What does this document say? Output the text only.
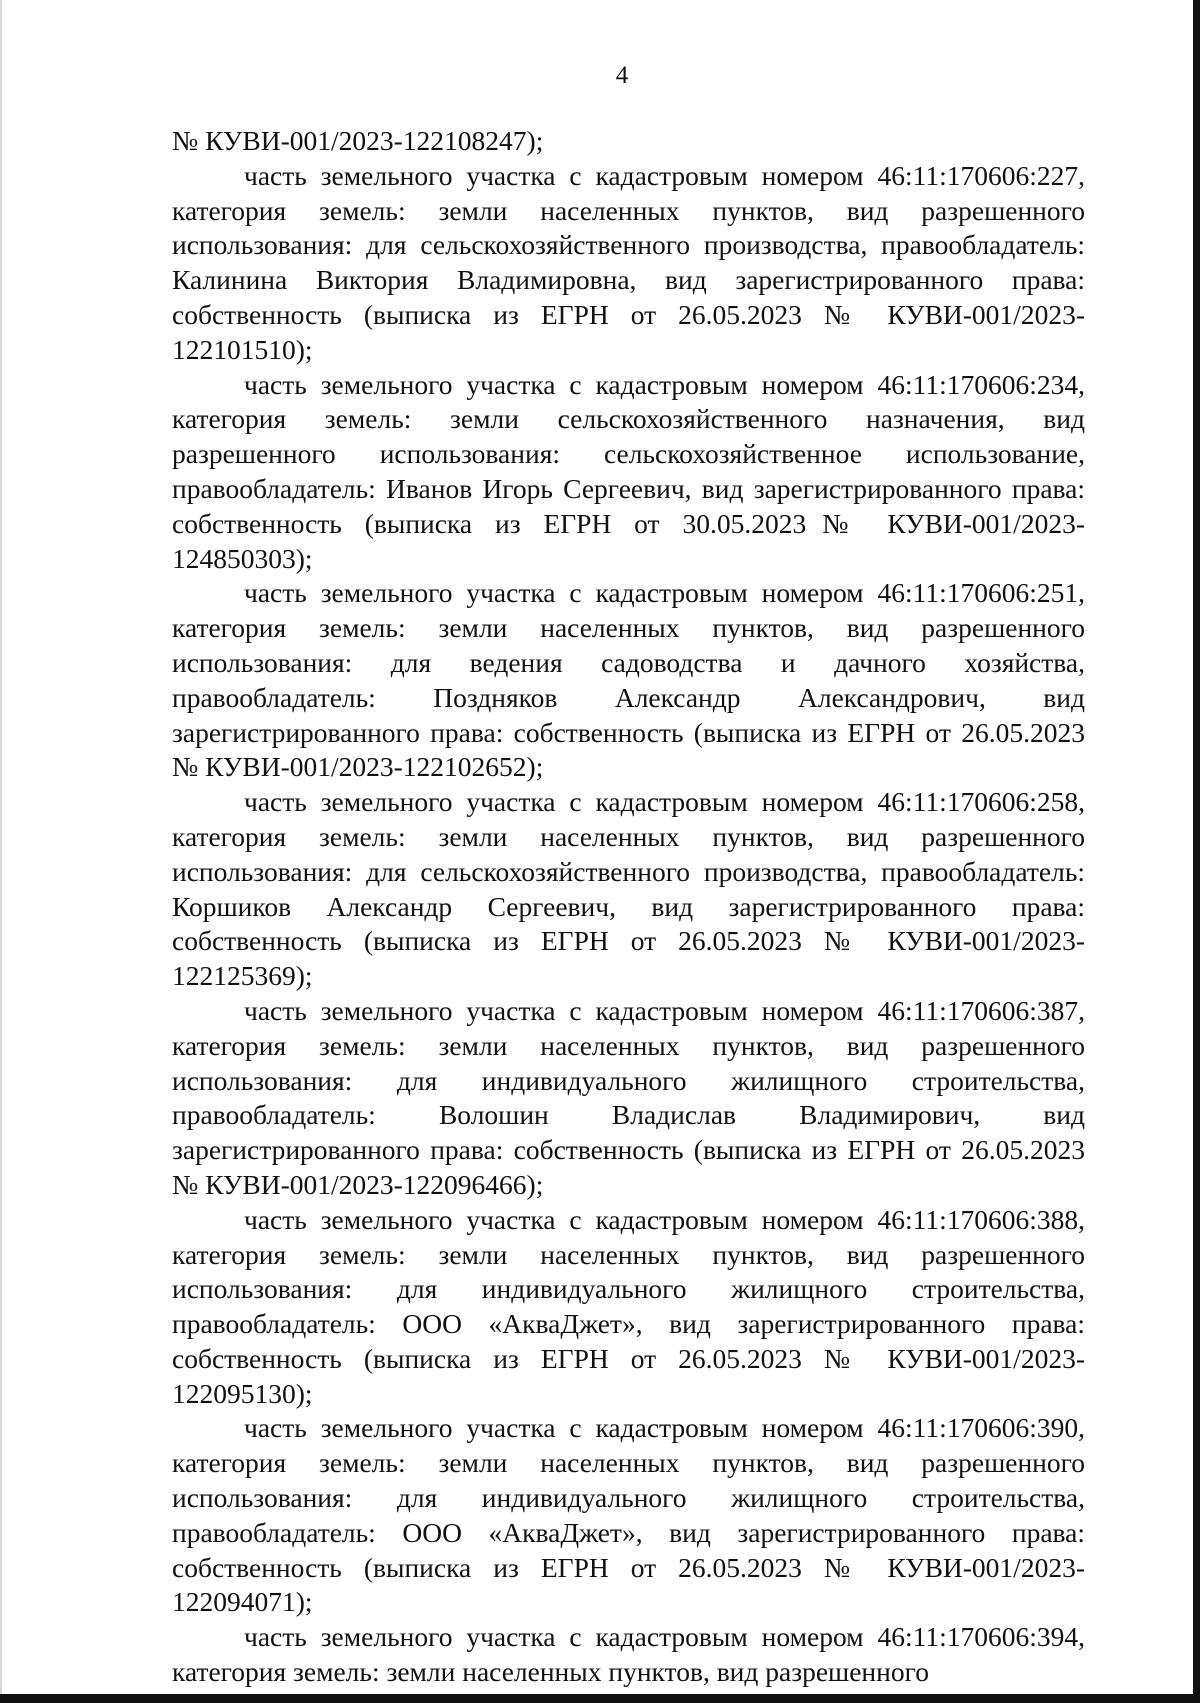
4

№ КУВИ-001/2023-122108247);

часть земельного участка с кадастровым номером 46:11:170606:227, категория земель: земли населенных пунктов, вид разрешенного использования: для сельскохозяйственного производства, правообладатель: Калинина Виктория Владимировна, вид зарегистрированного права: собственность (выписка из ЕГРН от 26.05.2023 № КУВИ-001/2023-122101510);

часть земельного участка с кадастровым номером 46:11:170606:234, категория земель: земли сельскохозяйственного назначения, вид разрешенного использования: сельскохозяйственное использование, правообладатель: Иванов Игорь Сергеевич, вид зарегистрированного права: собственность (выписка из ЕГРН от 30.05.2023№ КУВИ-001/2023-124850303);

часть земельного участка с кадастровым номером 46:11:170606:251, категория земель: земли населенных пунктов, вид разрешенного использования: для ведения садоводства и дачного хозяйства, правообладатель: Поздняков Александр Александрович, вид зарегистрированного права: собственность (выписка из ЕГРН от 26.05.2023 № КУВИ-001/2023-122102652);

часть земельного участка с кадастровым номером 46:11:170606:258, категория земель: земли населенных пунктов, вид разрешенного использования: для сельскохозяйственного производства, правообладатель: Коршиков Александр Сергеевич, вид зарегистрированного права: собственность (выписка из ЕГРН от 26.05.2023 № КУВИ-001/2023-122125369);

часть земельного участка с кадастровым номером 46:11:170606:387, категория земель: земли населенных пунктов, вид разрешенного использования: для индивидуального жилищного строительства, правообладатель: Волошин Владислав Владимирович, вид зарегистрированного права: собственность (выписка из ЕГРН от 26.05.2023 № КУВИ-001/2023-122096466);

часть земельного участка с кадастровым номером 46:11:170606:388, категория земель: земли населенных пунктов, вид разрешенного использования: для индивидуального жилищного строительства, правообладатель: ООО «АкваДжет», вид зарегистрированного права: собственность (выписка из ЕГРН от 26.05.2023 № КУВИ-001/2023-122095130);

часть земельного участка с кадастровым номером 46:11:170606:390, категория земель: земли населенных пунктов, вид разрешенного использования: для индивидуального жилищного строительства, правообладатель: ООО «АкваДжет», вид зарегистрированного права: собственность (выписка из ЕГРН от 26.05.2023 № КУВИ-001/2023-122094071);

часть земельного участка с кадастровым номером 46:11:170606:394, категория земель: земли населенных пунктов, вид разрешенного
